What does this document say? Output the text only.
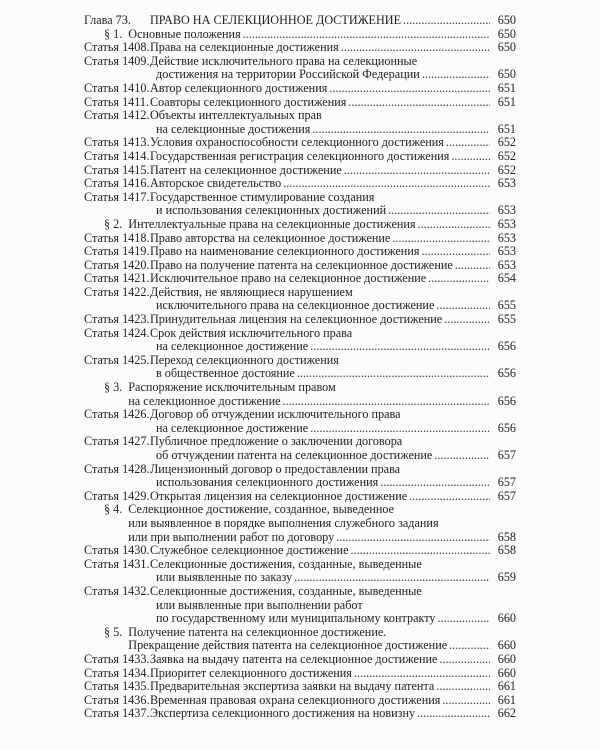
Глава 73.	ПРАВО НА СЕЛЕКЦИОННОЕ ДОСТИЖЕНИЕ .....	650
§ 1. Основные положения .....	650
Статья 1408. Права на селекционные достижения .....	650
Статья 1409. Действие исключительного права на селекционные
достижения на территории Российской Федерации .....	650
Статья 1410. Автор селекционного достижения .....	651
Статья 1411. Соавторы селекционного достижения .....	651
Статья 1412. Объекты интеллектуальных прав
на селекционные достижения .....	651
Статья 1413. Условия охраноспособности селекционного достижения .....	652
Статья 1414. Государственная регистрация селекционного достижения .....	652
Статья 1415. Патент на селекционное достижение .....	652
Статья 1416. Авторское свидетельство .....	653
Статья 1417. Государственное стимулирование создания
и использования селекционных достижений .....	653
§ 2. Интеллектуальные права на селекционные достижения .....	653
Статья 1418. Право авторства на селекционное достижение .....	653
Статья 1419. Право на наименование селекционного достижения .....	653
Статья 1420. Право на получение патента на селекционное достижение .....	653
Статья 1421. Исключительное право на селекционное достижение .....	654
Статья 1422. Действия, не являющиеся нарушением
исключительного права на селекционное достижение .....	655
Статья 1423. Принудительная лицензия на селекционное достижение .....	655
Статья 1424. Срок действия исключительного права
на селекционное достижение .....	656
Статья 1425. Переход селекционного достижения
в общественное достояние .....	656
§ 3. Распоряжение исключительным правом
на селекционное достижение .....	656
Статья 1426. Договор об отчуждении исключительного права
на селекционное достижение .....	656
Статья 1427. Публичное предложение о заключении договора
об отчуждении патента на селекционное достижение .....	657
Статья 1428. Лицензионный договор о предоставлении права
использования селекционного достижения .....	657
Статья 1429. Открытая лицензия на селекционное достижение .....	657
§ 4. Селекционное достижение, созданное, выведенное
или выявленное в порядке выполнения служебного задания
или при выполнении работ по договору .....	658
Статья 1430. Служебное селекционное достижение .....	658
Статья 1431. Селекционные достижения, созданные, выведенные
или выявленные по заказу .....	659
Статья 1432. Селекционные достижения, созданные, выведенные
или выявленные при выполнении работ
по государственному или муниципальному контракту .....	660
§ 5. Получение патента на селекционное достижение.
Прекращение действия патента на селекционное достижение .....	660
Статья 1433. Заявка на выдачу патента на селекционное достижение .....	660
Статья 1434. Приоритет селекционного достижения .....	660
Статья 1435. Предварительная экспертиза заявки на выдачу патента .....	661
Статья 1436. Временная правовая охрана селекционного достижения .....	661
Статья 1437. Экспертиза селекционного достижения на новизну .....	662
